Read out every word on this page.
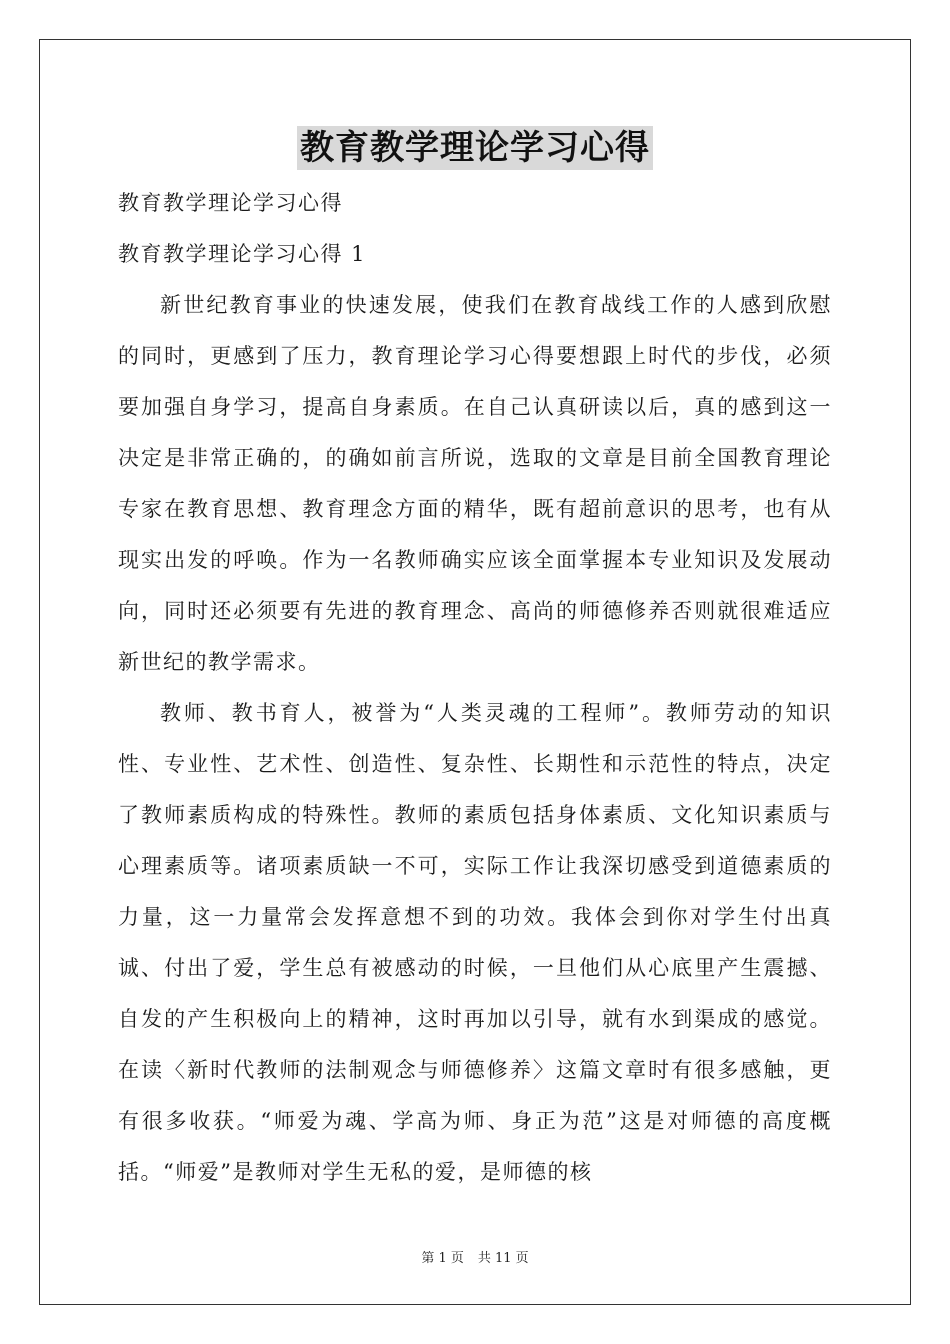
教育教学理论学习心得

教育教学理论学习心得

教育教学理论学习心得 1

新世纪教育事业的快速发展，使我们在教育战线工作的人感到欣慰的同时，更感到了压力，教育理论学习心得要想跟上时代的步伐，必须要加强自身学习，提高自身素质。在自己认真研读以后，真的感到这一决定是非常正确的，的确如前言所说，选取的文章是目前全国教育理论专家在教育思想、教育理念方面的精华，既有超前意识的思考，也有从现实出发的呼唤。作为一名教师确实应该全面掌握本专业知识及发展动向，同时还必须要有先进的教育理念、高尚的师德修养否则就很难适应新世纪的教学需求。

教师、教书育人，被誉为“人类灵魂的工程师”。教师劳动的知识性、专业性、艺术性、创造性、复杂性、长期性和示范性的特点，决定了教师素质构成的特殊性。教师的素质包括身体素质、文化知识素质与心理素质等。诸项素质缺一不可，实际工作让我深切感受到道德素质的力量，这一力量常会发挥意想不到的功效。我体会到你对学生付出真诚、付出了爱，学生总有被感动的时候，一旦他们从心底里产生震撼、自发的产生积极向上的精神，这时再加以引导，就有水到渠成的感觉。在读〈新时代教师的法制观念与师德修养〉这篇文章时有很多感触，更有很多收获。“师爱为魂、学高为师、身正为范”这是对师德的高度概括。“师爱”是教师对学生无私的爱，是师德的核

第 1 页 共 11 页
